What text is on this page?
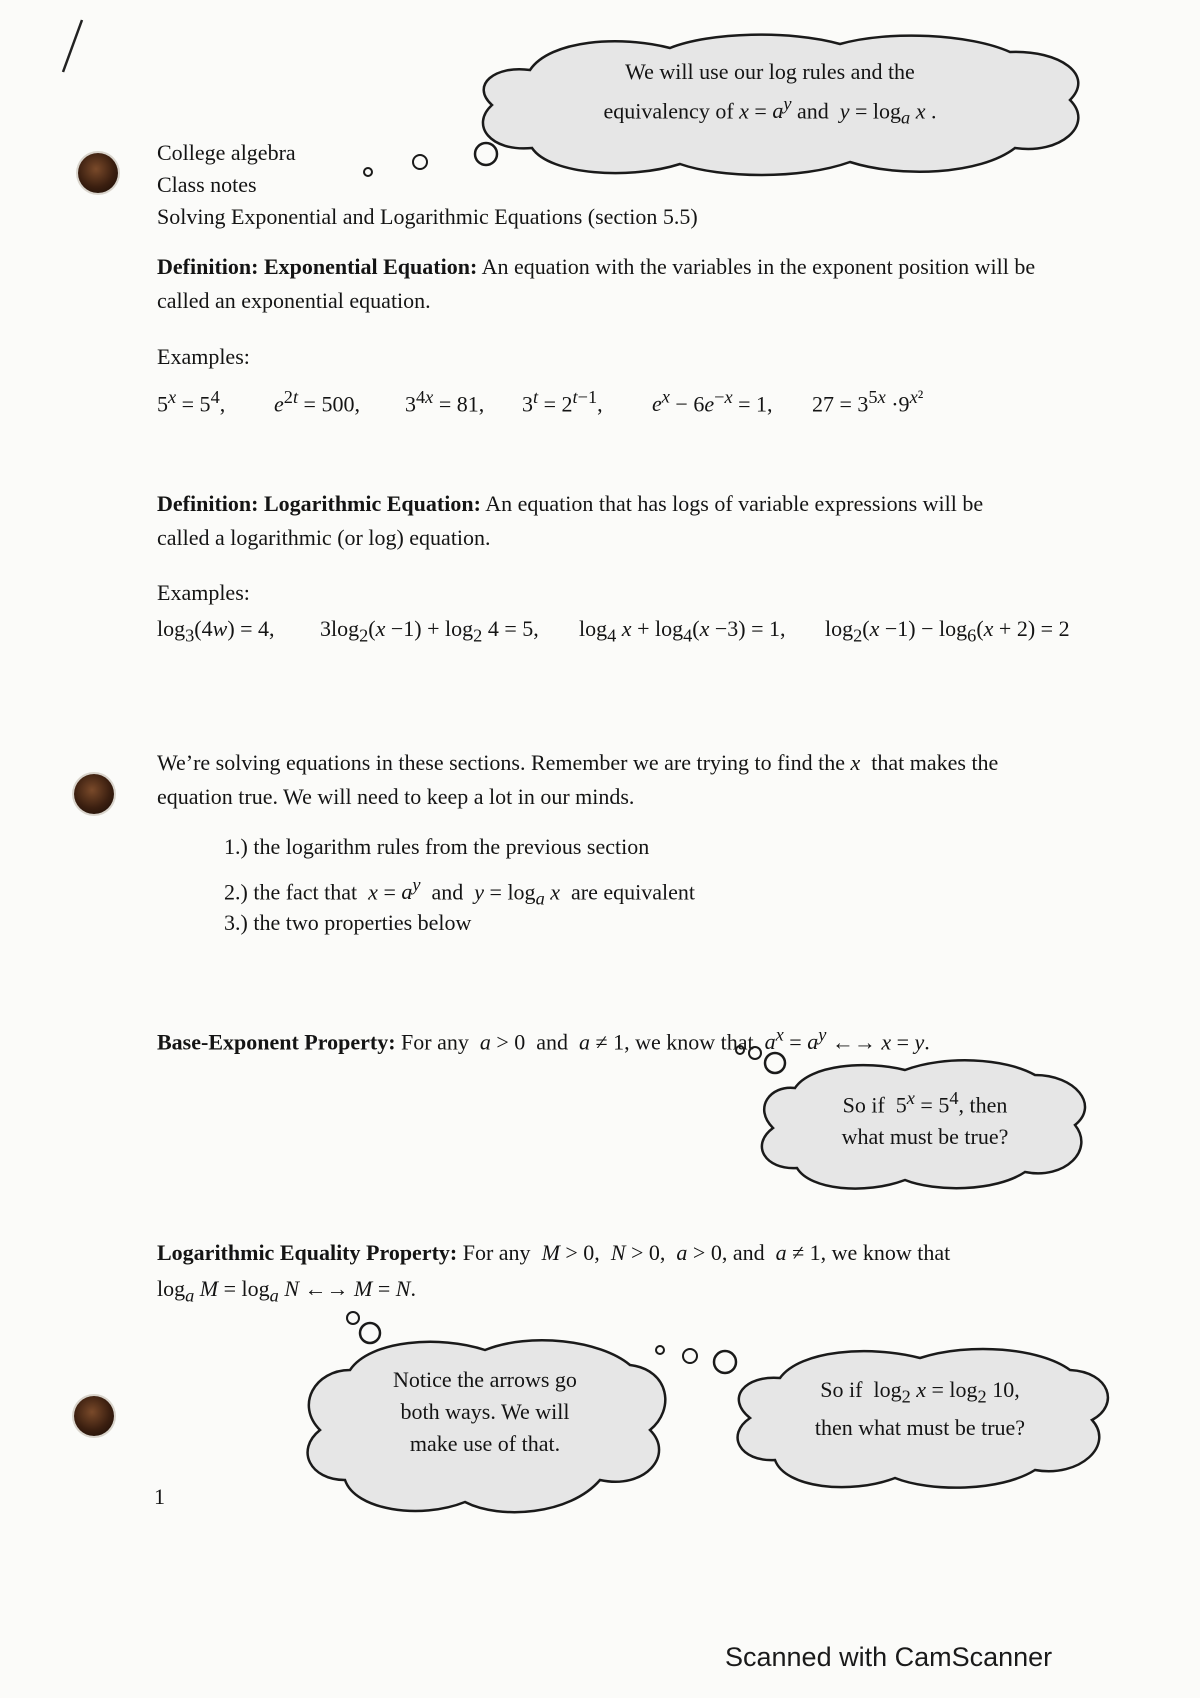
We will use our log rules and the
equivalency of $x = a^y$ and  $y = \log_a x$ .
College algebra
Class notes
Solving Exponential and Logarithmic Equations (section 5.5)
Definition: Exponential Equation: An equation with the variables in the exponent position will be called an exponential equation.
Examples:
$5^x = 5^4$, $e^{2t} = 500$, $3^{4x} = 81$, $3^t = 2^{t-1}$, $e^x - 6e^{-x} = 1$, $27 = 3^{5x} \cdot 9^{x^2}$
Definition: Logarithmic Equation: An equation that has logs of variable expressions will be called a logarithmic (or log) equation.
Examples:
$\log_3(4w) = 4$, $3\log_2(x -1) + \log_2 4 = 5$, $\log_4 x + \log_4(x -3) = 1$, $\log_2(x -1) - \log_6(x + 2) = 2$
We’re solving equations in these sections. Remember we are trying to find the x  that makes the equation true. We will need to keep a lot in our minds.
1.) the logarithm rules from the previous section
2.) the fact that  $x = a^y$  and  $y = \log_a x$  are equivalent
3.) the two properties below
Base-Exponent Property: For any  a > 0  and  a ≠ 1, we know that  $a^x = a^y$ ←→ x = y.
So if  $5^x = 5^4$, then
what must be true?
Logarithmic Equality Property: For any  M > 0,  N > 0,  a > 0, and  a ≠ 1, we know that
$\log_a M = \log_a N$ ←→ M = N.
Notice the arrows go
both ways. We will
make use of that.
So if  $\log_2 x = \log_2 10$,
then what must be true?
1
Scanned with CamScanner
